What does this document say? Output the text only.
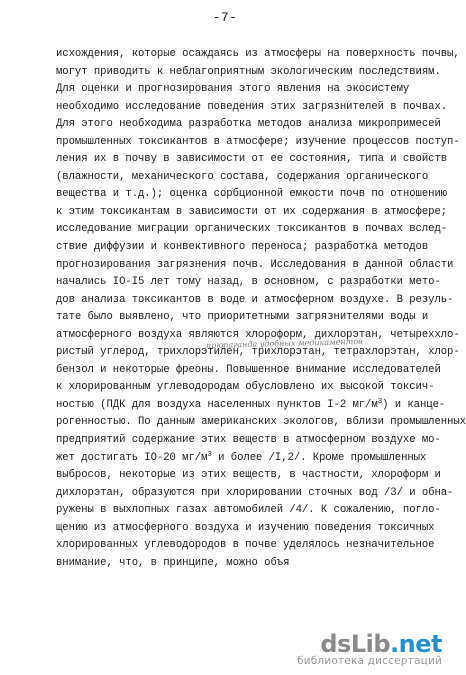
-7-
исхождения, которые осаждаясь из атмосферы на поверхность почвы,
могут приводить к неблагоприятным экологическим последствиям.
Для оценки и прогнозирования этого явления на экосистему
необходимо исследование поведения этих загрязнителей в почвах.
Для этого необходима разработка методов анализа микропримесей
промышленных токсикантов в атмосфере; изучение процессов поступ-
ления их в почву в зависимости от ее состояния, типа и свойств
(влажности, механического состава, содержания органического
вещества и т.д.); оценка сорбционной емкости почв по отношению
к этим токсикантам в зависимости от их содержания в атмосфере;
исследование миграции органических токсикантов в почвах вслед-
ствие диффузии и конвективного переноса; разработка методов
прогнозирования загрязнения почв. Исследования в данной области
начались IO-I5 лет тому назад, в основном, с разработки мето-
дов анализа токсикантов в воде и атмосферном воздухе. В резуль-
тате было выявлено, что приоритетными загрязнителями воды и
атмосферного воздуха являются хлороформ, дихлорэтан, четыреххло-
ристый углерод, трихлорэтилен, трихлорэтан, тетрахлорэтан, хлор-
бензол и некоторые фреоны. Повышенное внимание исследователей
к хлорированным углеводородам обусловлено их высокой токсич-
ностью (ПДК для воздуха населенных пунктов I-2 $мг/м^3$) и канце-
рогенностью. По данным американских экологов, вблизи промышленных
предприятий содержание этих веществ в атмосферном воздухе мо-
жет достигать IO-20 $мг/м^3$ и более /I,2/. Кроме промышленных
выбросов, некоторые из этих веществ, в частности, хлороформ и
дихлорэтан, образуются при хлорировании сточных вод /3/ и обна-
ружены в выхлопных газах автомобилей /4/. К сожалению, погло-
щению из атмосферного воздуха и изучению поведения токсичных
хлорированных углеводородов в почве уделялось незначительное
внимание, что, в принципе, можно объя
прюпаганда удобных медикаментов
dsLib.net
библиотека диссертаций
